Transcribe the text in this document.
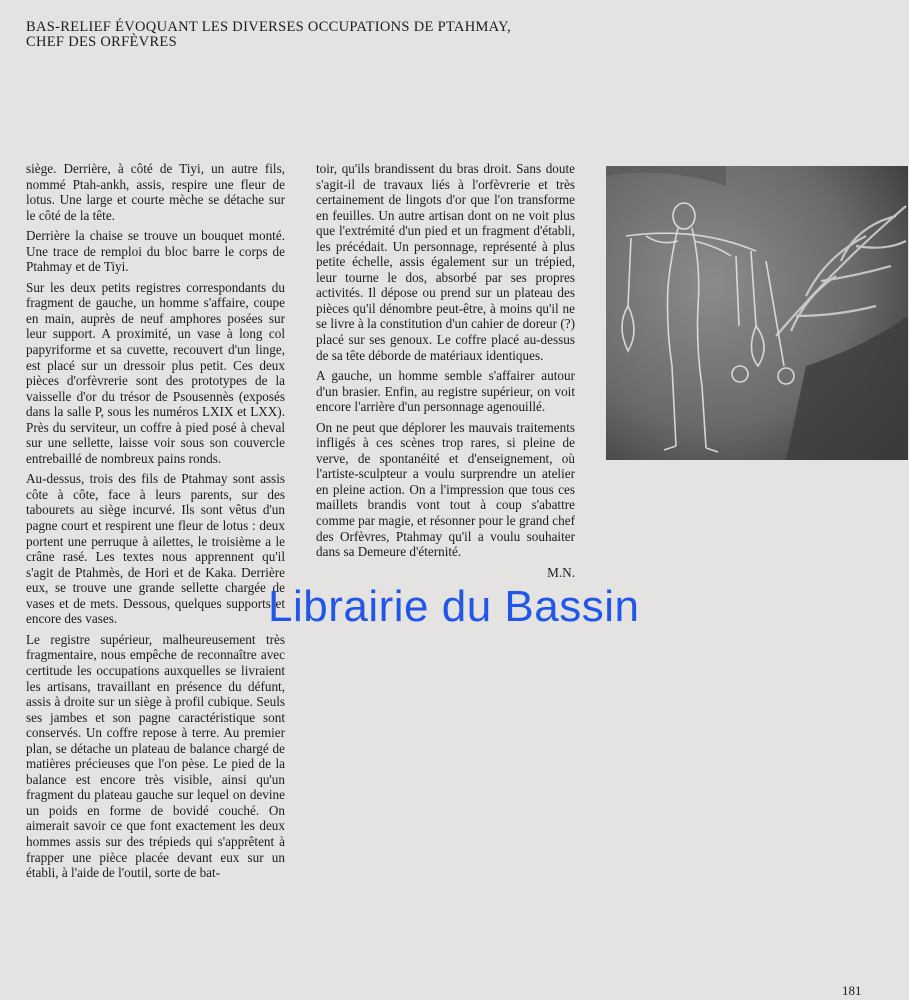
BAS-RELIEF ÉVOQUANT LES DIVERSES OCCUPATIONS DE PTAHMAY,
CHEF DES ORFÈVRES

siège. Derrière, à côté de Tiyi, un autre fils, nommé Ptah-ankh, assis, respire une fleur de lotus. Une large et courte mèche se détache sur le côté de la tête.

Derrière la chaise se trouve un bouquet monté. Une trace de remploi du bloc barre le corps de Ptahmay et de Tiyi.

Sur les deux petits registres correspondants du fragment de gauche, un homme s'affaire, coupe en main, auprès de neuf amphores posées sur leur support. A proximité, un vase à long col papyriforme et sa cuvette, recouvert d'un linge, est placé sur un dressoir plus petit. Ces deux pièces d'orfèvrerie sont des prototypes de la vaisselle d'or du trésor de Psousennès (exposés dans la salle P, sous les numéros LXIX et LXX). Près du serviteur, un coffre à pied posé à cheval sur une sellette, laisse voir sous son couvercle entrebaillé de nombreux pains ronds.

Au-dessus, trois des fils de Ptahmay sont assis côte à côte, face à leurs parents, sur des tabourets au siège incurvé. Ils sont vêtus d'un pagne court et respirent une fleur de lotus : deux portent une perruque à ailettes, le troisième a le crâne rasé. Les textes nous apprennent qu'il s'agit de Ptahmès, de Hori et de Kaka. Derrière eux, se trouve une grande sellette chargée de vases et de mets. Dessous, quelques supports et encore des vases.

Le registre supérieur, malheureusement très fragmentaire, nous empêche de reconnaître avec certitude les occupations auxquelles se livraient les artisans, travaillant en présence du défunt, assis à droite sur un siège à profil cubique. Seuls ses jambes et son pagne caractéristique sont conservés. Un coffre repose à terre. Au premier plan, se détache un plateau de balance chargé de matières précieuses que l'on pèse. Le pied de la balance est encore très visible, ainsi qu'un fragment du plateau gauche sur lequel on devine un poids en forme de bovidé couché. On aimerait savoir ce que font exactement les deux hommes assis sur des trépieds qui s'apprêtent à frapper une pièce placée devant eux sur un établi, à l'aide de l'outil, sorte de bat-

toir, qu'ils brandissent du bras droit. Sans doute s'agit-il de travaux liés à l'orfèvrerie et très certainement de lingots d'or que l'on transforme en feuilles. Un autre artisan dont on ne voit plus que l'extrémité d'un pied et un fragment d'établi, les précédait. Un personnage, représenté à plus petite échelle, assis également sur un trépied, leur tourne le dos, absorbé par ses propres activités. Il dépose ou prend sur un plateau des pièces qu'il dénombre peut-être, à moins qu'il ne se livre à la constitution d'un cahier de doreur (?) placé sur ses genoux. Le coffre placé au-dessus de sa tête déborde de matériaux identiques.

A gauche, un homme semble s'affairer autour d'un brasier. Enfin, au registre supérieur, on voit encore l'arrière d'un personnage agenouillé.

On ne peut que déplorer les mauvais traitements infligés à ces scènes trop rares, si pleine de verve, de spontanéité et d'enseignement, où l'artiste-sculpteur a voulu surprendre un atelier en pleine action. On a l'impression que tous ces maillets brandis vont tout à coup s'abattre comme par magie, et résonner pour le grand chef des Orfèvres, Ptahmay qu'il a voulu souhaiter dans sa Demeure d'éternité.

M.N.
Librairie du Bassin
181
